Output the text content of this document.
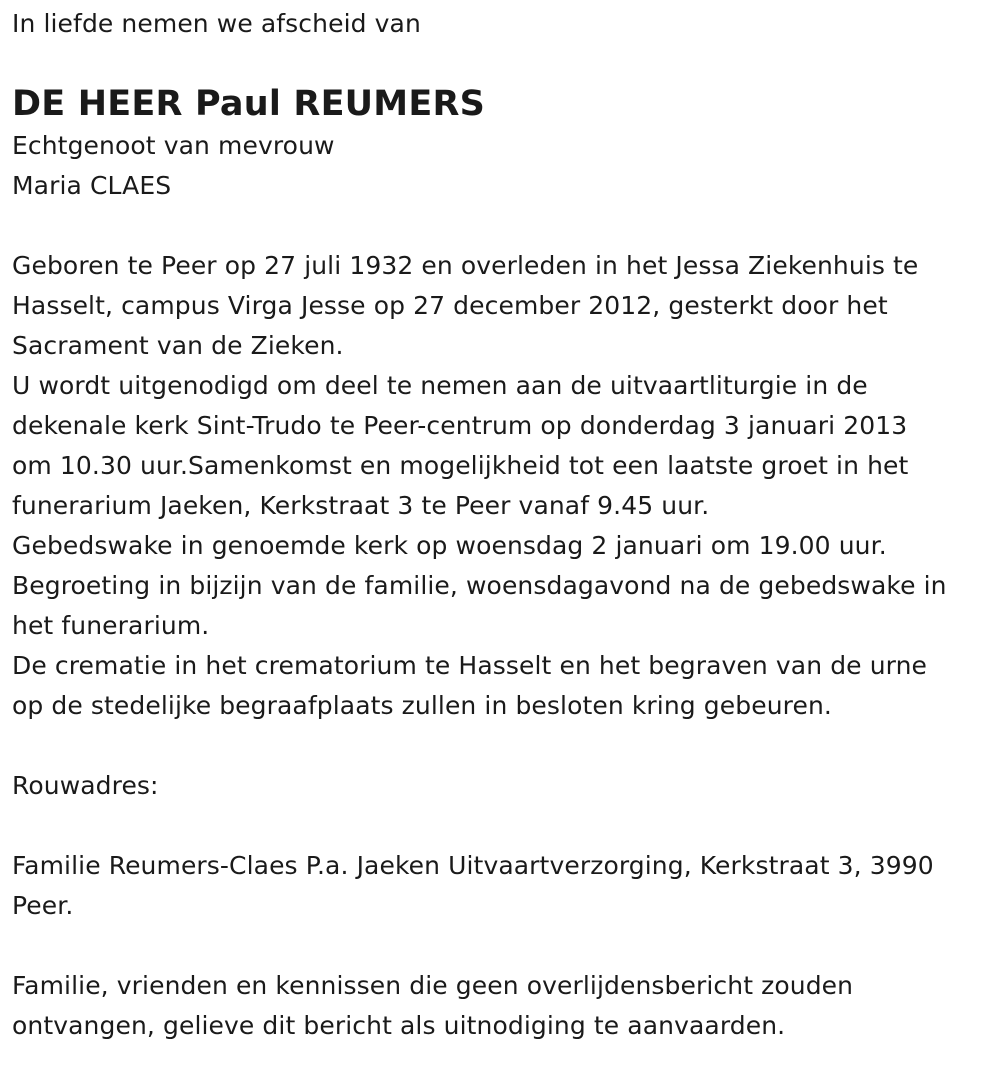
In liefde nemen we afscheid van

DE HEER Paul REUMERS

Echtgenoot van mevrouw

Maria CLAES

Geboren te Peer op 27 juli 1932 en overleden in het Jessa Ziekenhuis te
Hasselt, campus Virga Jesse op 27 december 2012, gesterkt door het
Sacrament van de Zieken.

U wordt uitgenodigd om deel te nemen aan de uitvaartliturgie in de
dekenale kerk Sint-Trudo te Peer-centrum op donderdag 3 januari 2013
om 10.30 uur.Samenkomst en mogelijkheid tot een laatste groet in het
funerarium Jaeken, Kerkstraat 3 te Peer vanaf 9.45 uur.

Gebedswake in genoemde kerk op woensdag 2 januari om 19.00 uur.

Begroeting in bijzijn van de familie, woensdagavond na de gebedswake in
het funerarium.

De crematie in het crematorium te Hasselt en het begraven van de urne
op de stedelijke begraafplaats zullen in besloten kring gebeuren.

Rouwadres:

Familie Reumers-Claes P.a. Jaeken Uitvaartverzorging, Kerkstraat 3, 3990
Peer.

Familie, vrienden en kennissen die geen overlijdensbericht zouden
ontvangen, gelieve dit bericht als uitnodiging te aanvaarden.
